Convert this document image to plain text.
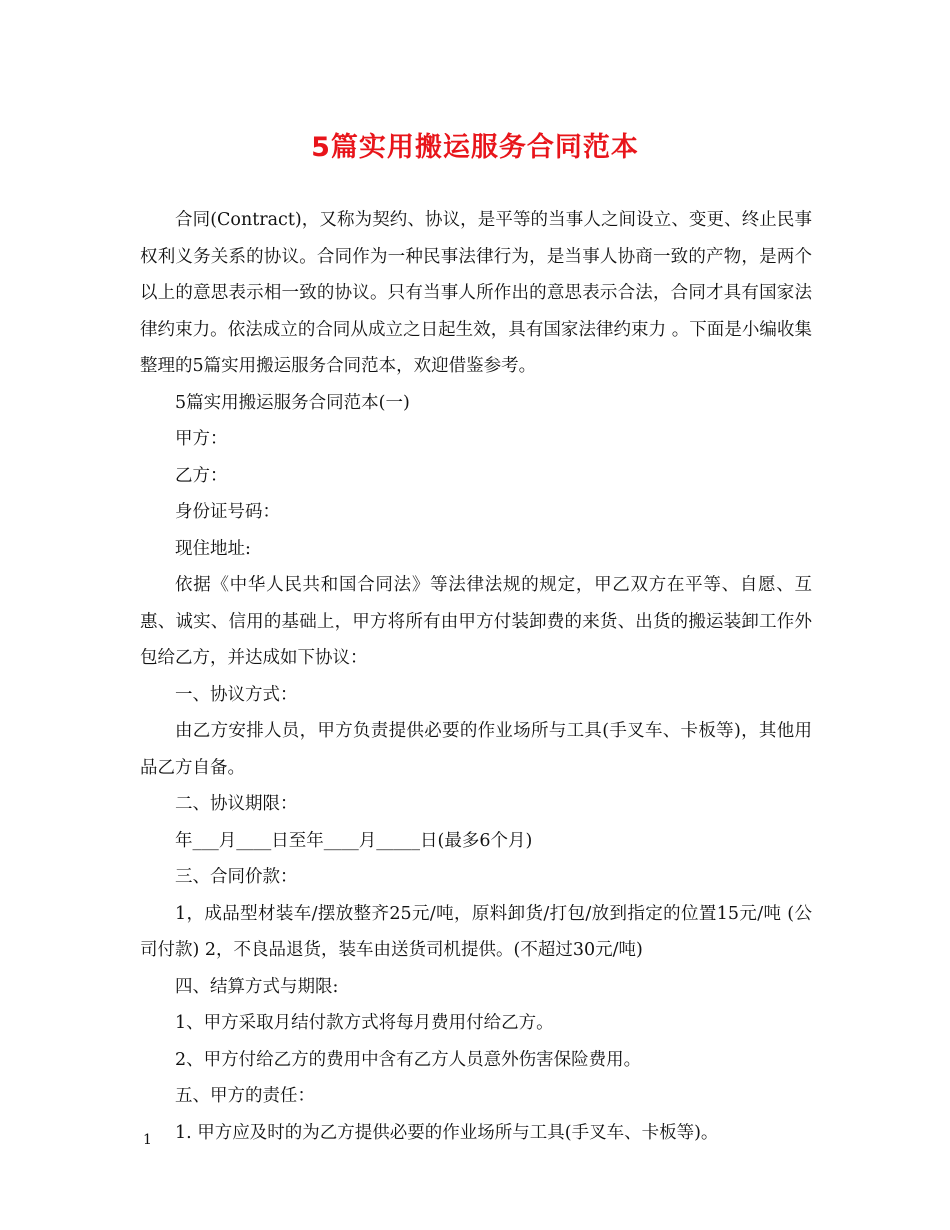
5篇实用搬运服务合同范本

合同(Contract)，又称为契约、协议，是平等的当事人之间设立、变更、终止民事权利义务关系的协议。合同作为一种民事法律行为，是当事人协商一致的产物，是两个以上的意思表示相一致的协议。只有当事人所作出的意思表示合法，合同才具有国家法律约束力。依法成立的合同从成立之日起生效，具有国家法律约束力 。下面是小编收集整理的5篇实用搬运服务合同范本，欢迎借鉴参考。

5篇实用搬运服务合同范本(一)

甲方：

乙方：

身份证号码：

现住地址:

依据《中华人民共和国合同法》等法律法规的规定，甲乙双方在平等、自愿、互惠、诚实、信用的基础上，甲方将所有由甲方付装卸费的来货、出货的搬运装卸工作外包给乙方，并达成如下协议：

一、协议方式：

由乙方安排人员，甲方负责提供必要的作业场所与工具(手叉车、卡板等)，其他用品乙方自备。

二、协议期限：

年___月____日至年____月_____日(最多6个月)

三、合同价款：

1，成品型材装车/摆放整齐25元/吨，原料卸货/打包/放到指定的位置15元/吨 (公司付款) 2，不良品退货，装车由送货司机提供。(不超过30元/吨)

四、结算方式与期限:

1、甲方采取月结付款方式将每月费用付给乙方。

2、甲方付给乙方的费用中含有乙方人员意外伤害保险费用。

五、甲方的责任：

1. 甲方应及时的为乙方提供必要的作业场所与工具(手叉车、卡板等)。

1
